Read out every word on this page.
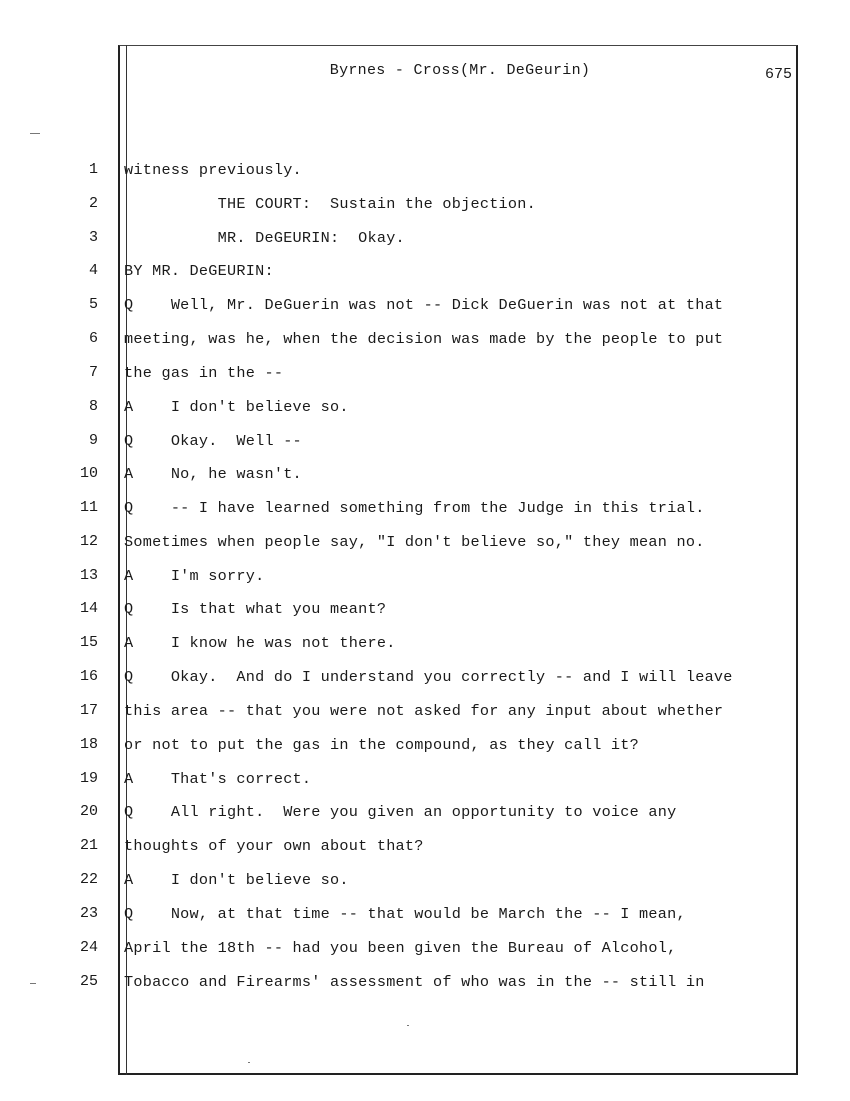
Byrnes - Cross(Mr. DeGeurin)	675
1 witness previously.
2 THE COURT:  Sustain the objection.
3 MR. DeGEURIN:  Okay.
4 BY MR. DeGEURIN:
5 Q    Well, Mr. DeGuerin was not -- Dick DeGuerin was not at that
6 meeting, was he, when the decision was made by the people to put
7 the gas in the --
8 A    I don't believe so.
9 Q    Okay.  Well --
10 A    No, he wasn't.
11 Q    -- I have learned something from the Judge in this trial.
12 Sometimes when people say, "I don't believe so," they mean no.
13 A    I'm sorry.
14 Q    Is that what you meant?
15 A    I know he was not there.
16 Q    Okay.  And do I understand you correctly -- and I will leave
17 this area -- that you were not asked for any input about whether
18 or not to put the gas in the compound, as they call it?
19 A    That's correct.
20 Q    All right.  Were you given an opportunity to voice any
21 thoughts of your own about that?
22 A    I don't believe so.
23 Q    Now, at that time -- that would be March the -- I mean,
24 April the 18th -- had you been given the Bureau of Alcohol,
25 Tobacco and Firearms' assessment of who was in the -- still in
